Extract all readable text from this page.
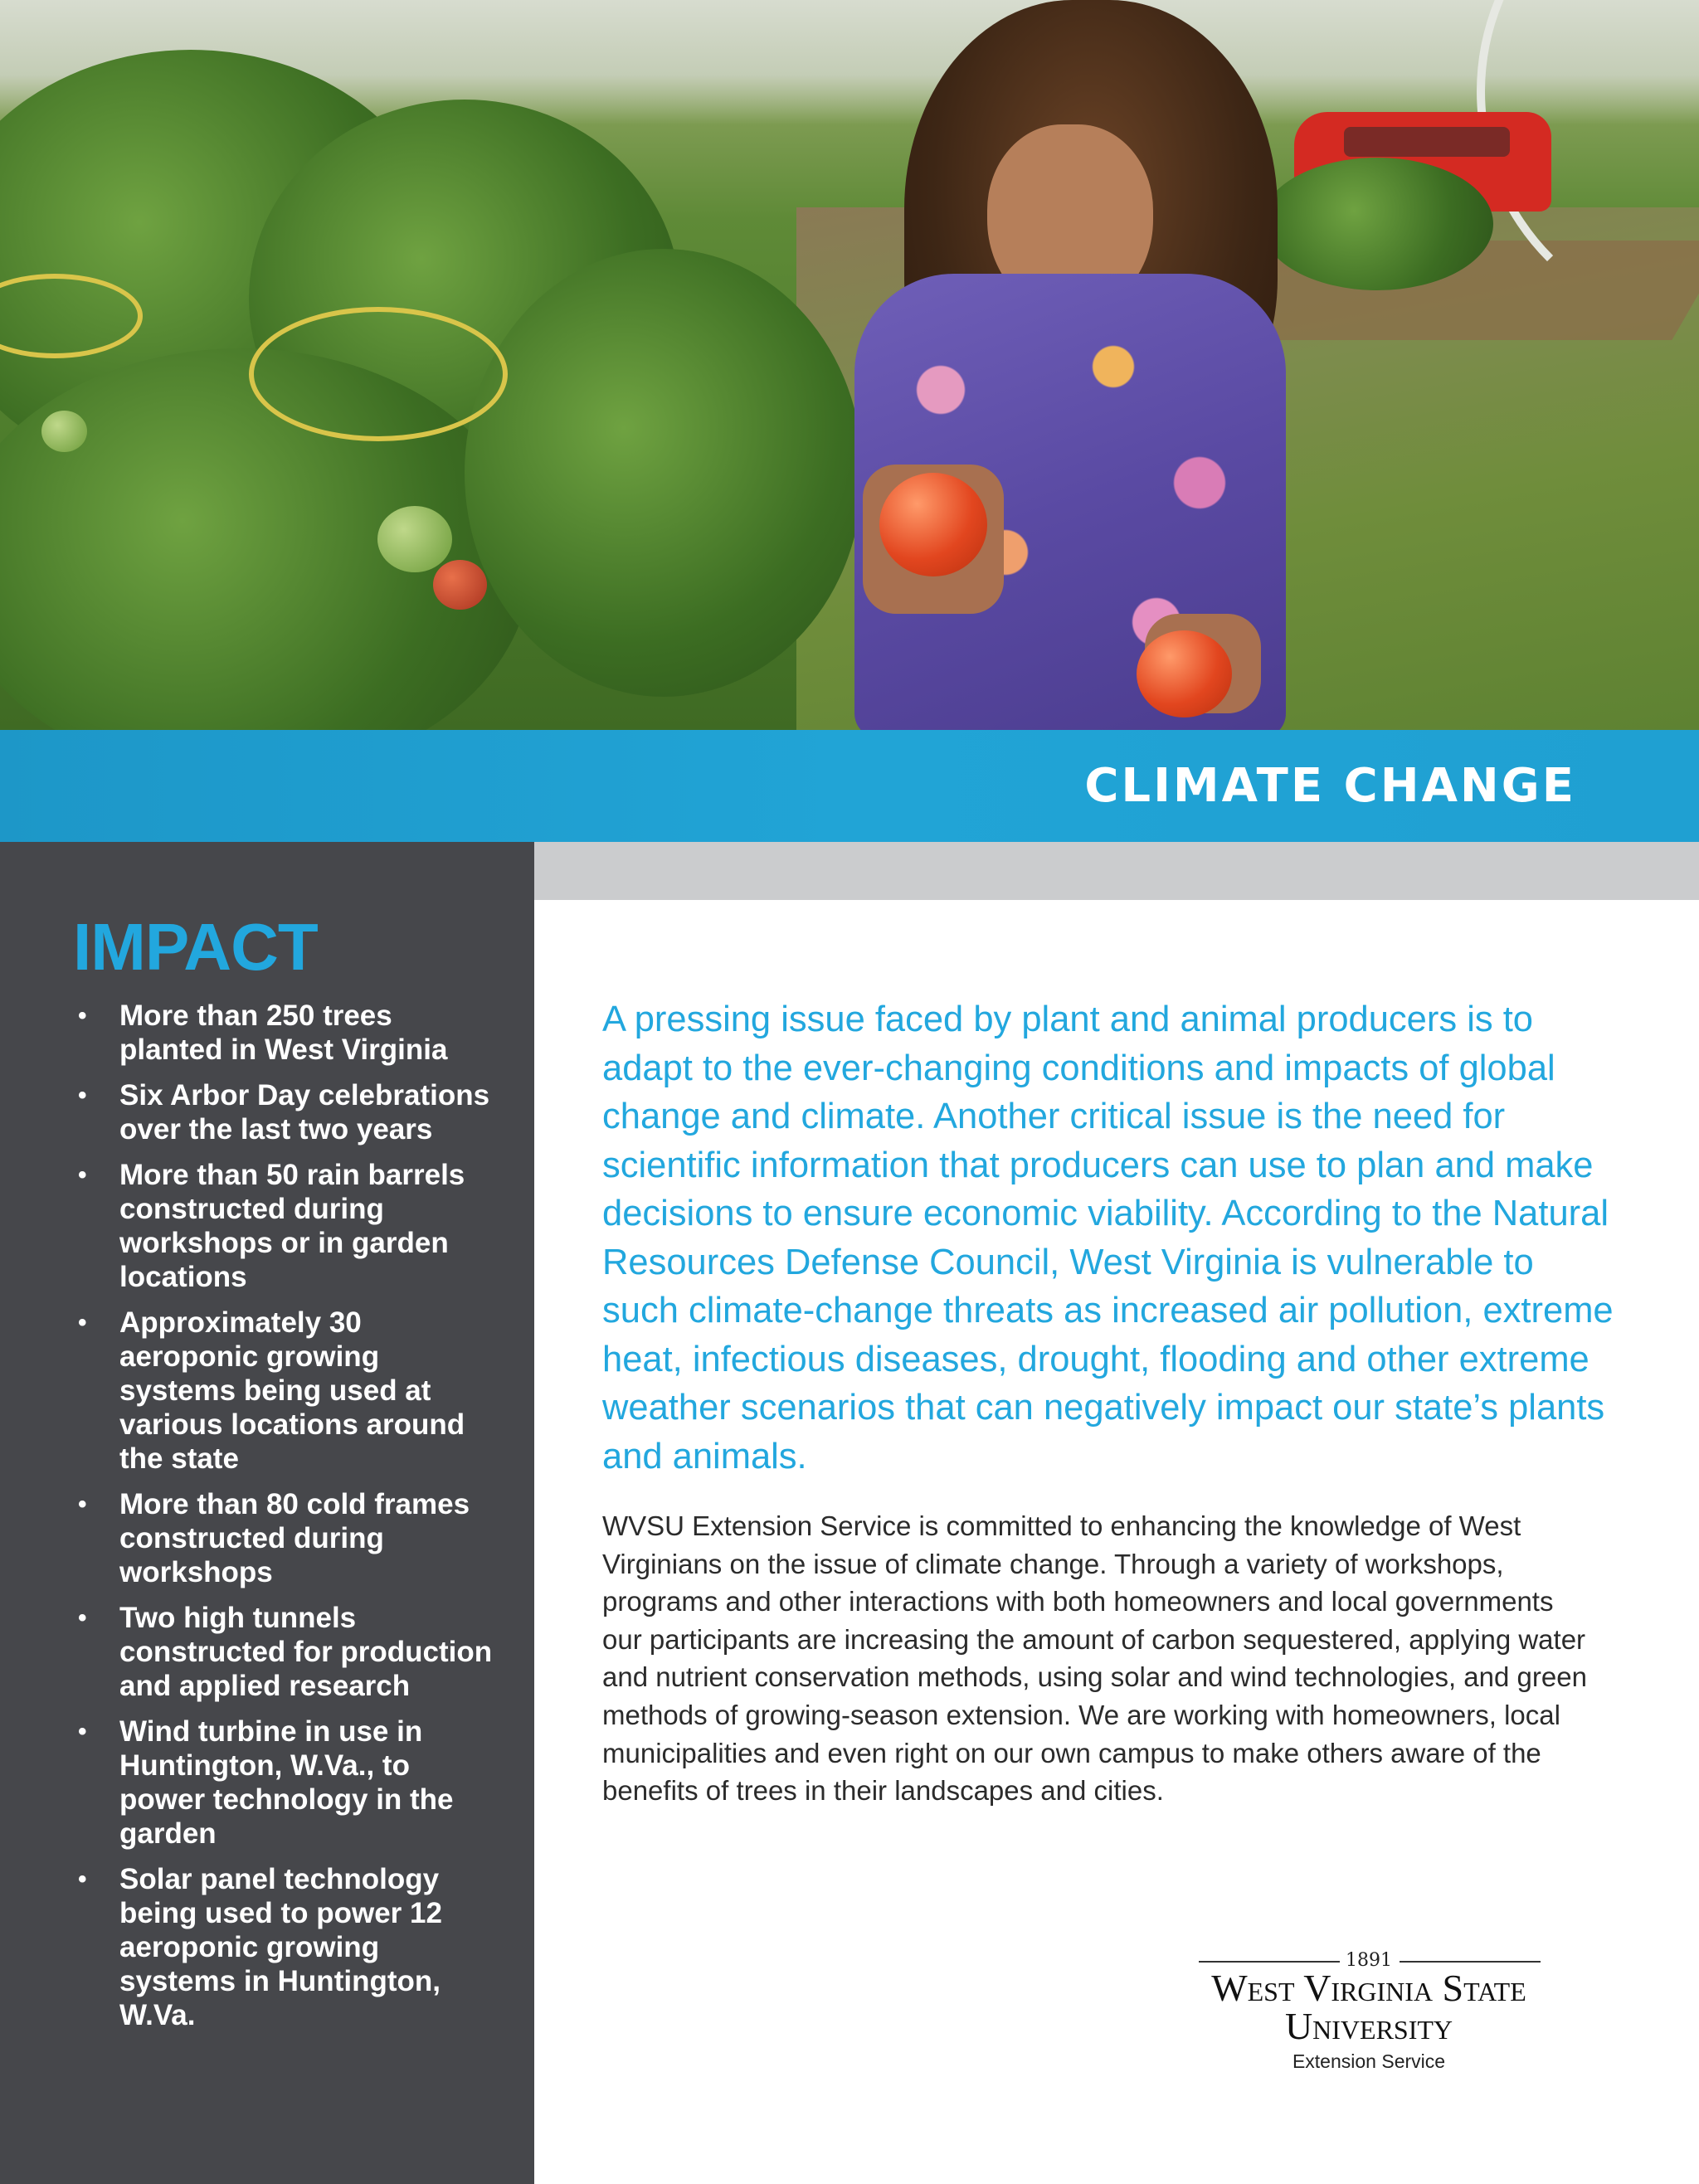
CLIMATE CHANGE
IMPACT
• More than 250 trees planted in West Virginia
• Six Arbor Day celebrations over the last two years
• More than 50 rain barrels constructed during workshops or in garden locations
• Approximately 30 aeroponic growing systems being used at various locations around the state
• More than 80 cold frames constructed during workshops
• Two high tunnels constructed for production and applied research
• Wind turbine in use in Huntington, W.Va., to power technology in the garden
• Solar panel technology being used to power 12 aeroponic growing systems in Huntington, W.Va.

A pressing issue faced by plant and animal producers is to adapt to the ever-changing conditions and impacts of global change and climate. Another critical issue is the need for scientific information that producers can use to plan and make decisions to ensure economic viability. According to the Natural Resources Defense Council, West Virginia is vulnerable to such climate-change threats as increased air pollution, extreme heat, infectious diseases, drought, flooding and other extreme weather scenarios that can negatively impact our state’s plants and animals.

WVSU Extension Service is committed to enhancing the knowledge of West Virginians on the issue of climate change. Through a variety of workshops, programs and other interactions with both homeowners and local governments our participants are increasing the amount of carbon sequestered, applying water and nutrient conservation methods, using solar and wind technologies, and green methods of growing-season extension. We are working with homeowners, local municipalities and even right on our own campus to make others aware of the benefits of trees in their landscapes and cities.

1891
West Virginia State
University
Extension Service
